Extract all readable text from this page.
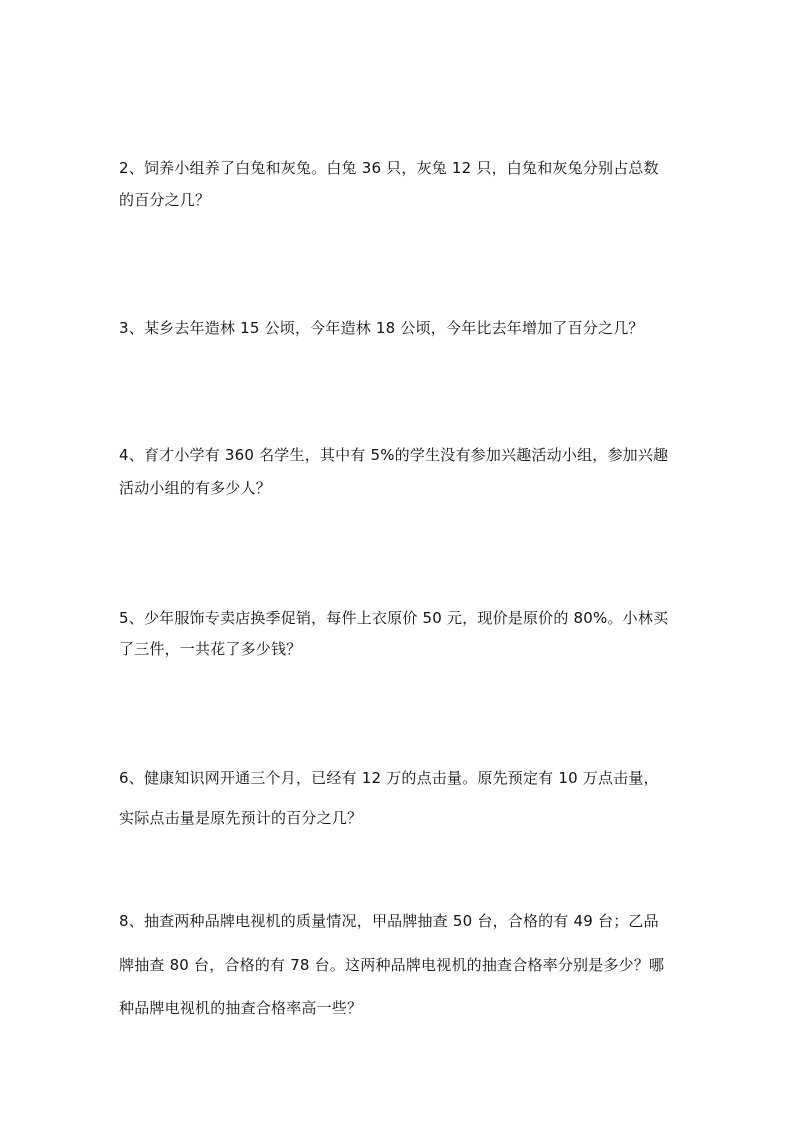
2、饲养小组养了白兔和灰兔。白兔 36 只，灰兔 12 只，白兔和灰兔分别占总数
的百分之几？
3、某乡去年造林 15 公顷，今年造林 18 公顷，今年比去年增加了百分之几？
4、育才小学有 360 名学生，其中有 5%的学生没有参加兴趣活动小组，参加兴趣
活动小组的有多少人？
5、少年服饰专卖店换季促销，每件上衣原价 50 元，现价是原价的 80%。小林买
了三件，一共花了多少钱？
6、健康知识网开通三个月，已经有 12 万的点击量。原先预定有 10 万点击量，
实际点击量是原先预计的百分之几？
8、抽查两种品牌电视机的质量情况，甲品牌抽查 50 台，合格的有 49 台；乙品
牌抽查 80 台，合格的有 78 台。这两种品牌电视机的抽查合格率分别是多少？哪
种品牌电视机的抽查合格率高一些？
